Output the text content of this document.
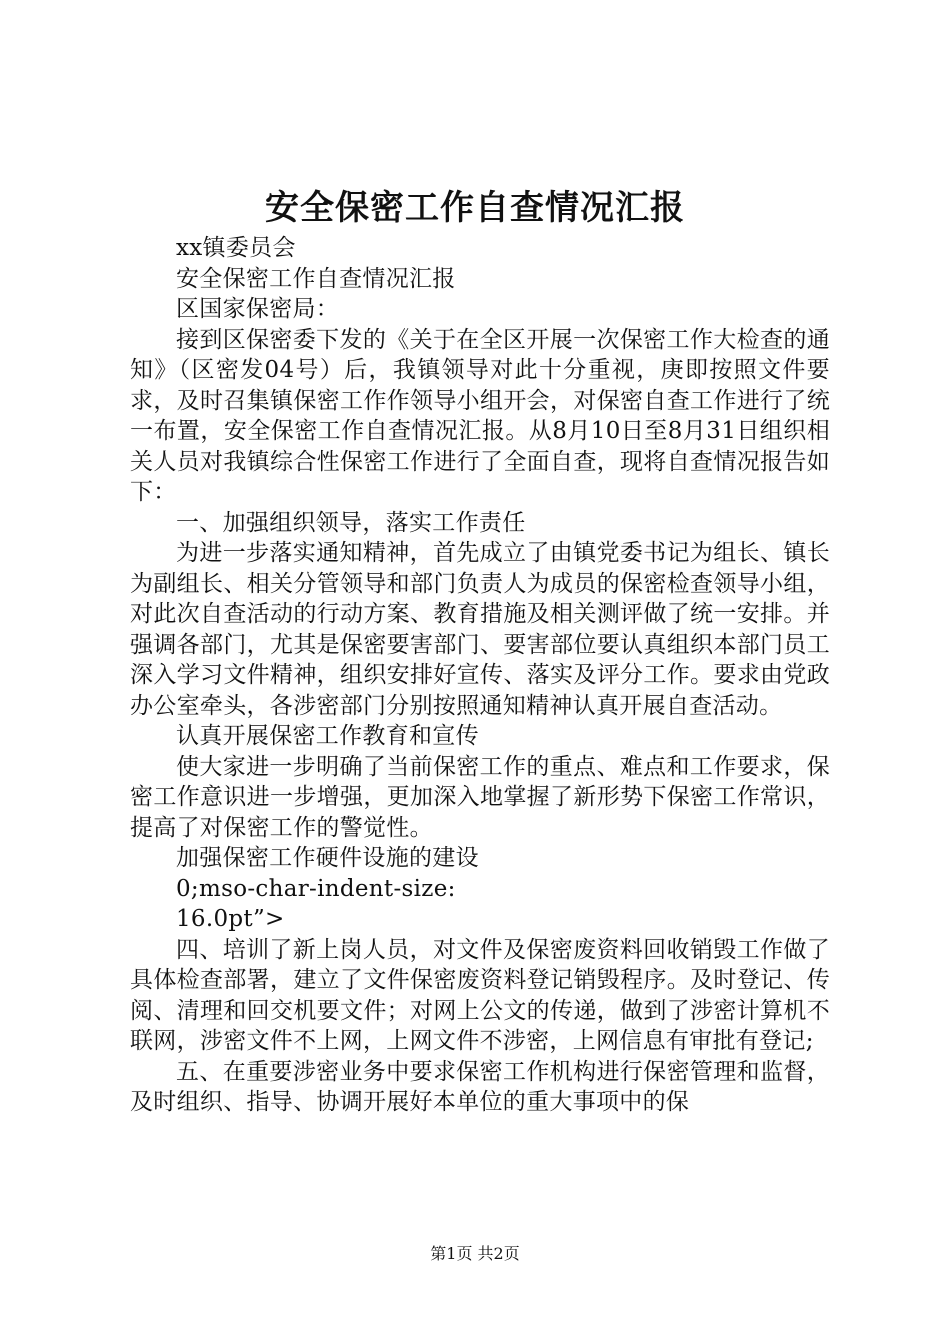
安全保密工作自查情况汇报

xx镇委员会

安全保密工作自查情况汇报

区国家保密局：

接到区保密委下发的《关于在全区开展一次保密工作大检查的通知》（区密发04号）后，我镇领导对此十分重视，庚即按照文件要求，及时召集镇保密工作作领导小组开会，对保密自查工作进行了统一布置，安全保密工作自查情况汇报。从8月10日至8月31日组织相关人员对我镇综合性保密工作进行了全面自查，现将自查情况报告如下：

一、加强组织领导，落实工作责任

为进一步落实通知精神，首先成立了由镇党委书记为组长、镇长为副组长、相关分管领导和部门负责人为成员的保密检查领导小组，对此次自查活动的行动方案、教育措施及相关测评做了统一安排。并强调各部门，尤其是保密要害部门、要害部位要认真组织本部门员工深入学习文件精神，组织安排好宣传、落实及评分工作。要求由党政办公室牵头，各涉密部门分别按照通知精神认真开展自查活动。

认真开展保密工作教育和宣传

使大家进一步明确了当前保密工作的重点、难点和工作要求，保密工作意识进一步增强，更加深入地掌握了新形势下保密工作常识，提高了对保密工作的警觉性。

加强保密工作硬件设施的建设

0;mso-char-indent-size:

16.0pt”>

四、培训了新上岗人员，对文件及保密废资料回收销毁工作做了具体检查部署，建立了文件保密废资料登记销毁程序。及时登记、传阅、清理和回交机要文件；对网上公文的传递，做到了涉密计算机不联网，涉密文件不上网，上网文件不涉密，上网信息有审批有登记;

五、在重要涉密业务中要求保密工作机构进行保密管理和监督，及时组织、指导、协调开展好本单位的重大事项中的保

第1页 共2页
